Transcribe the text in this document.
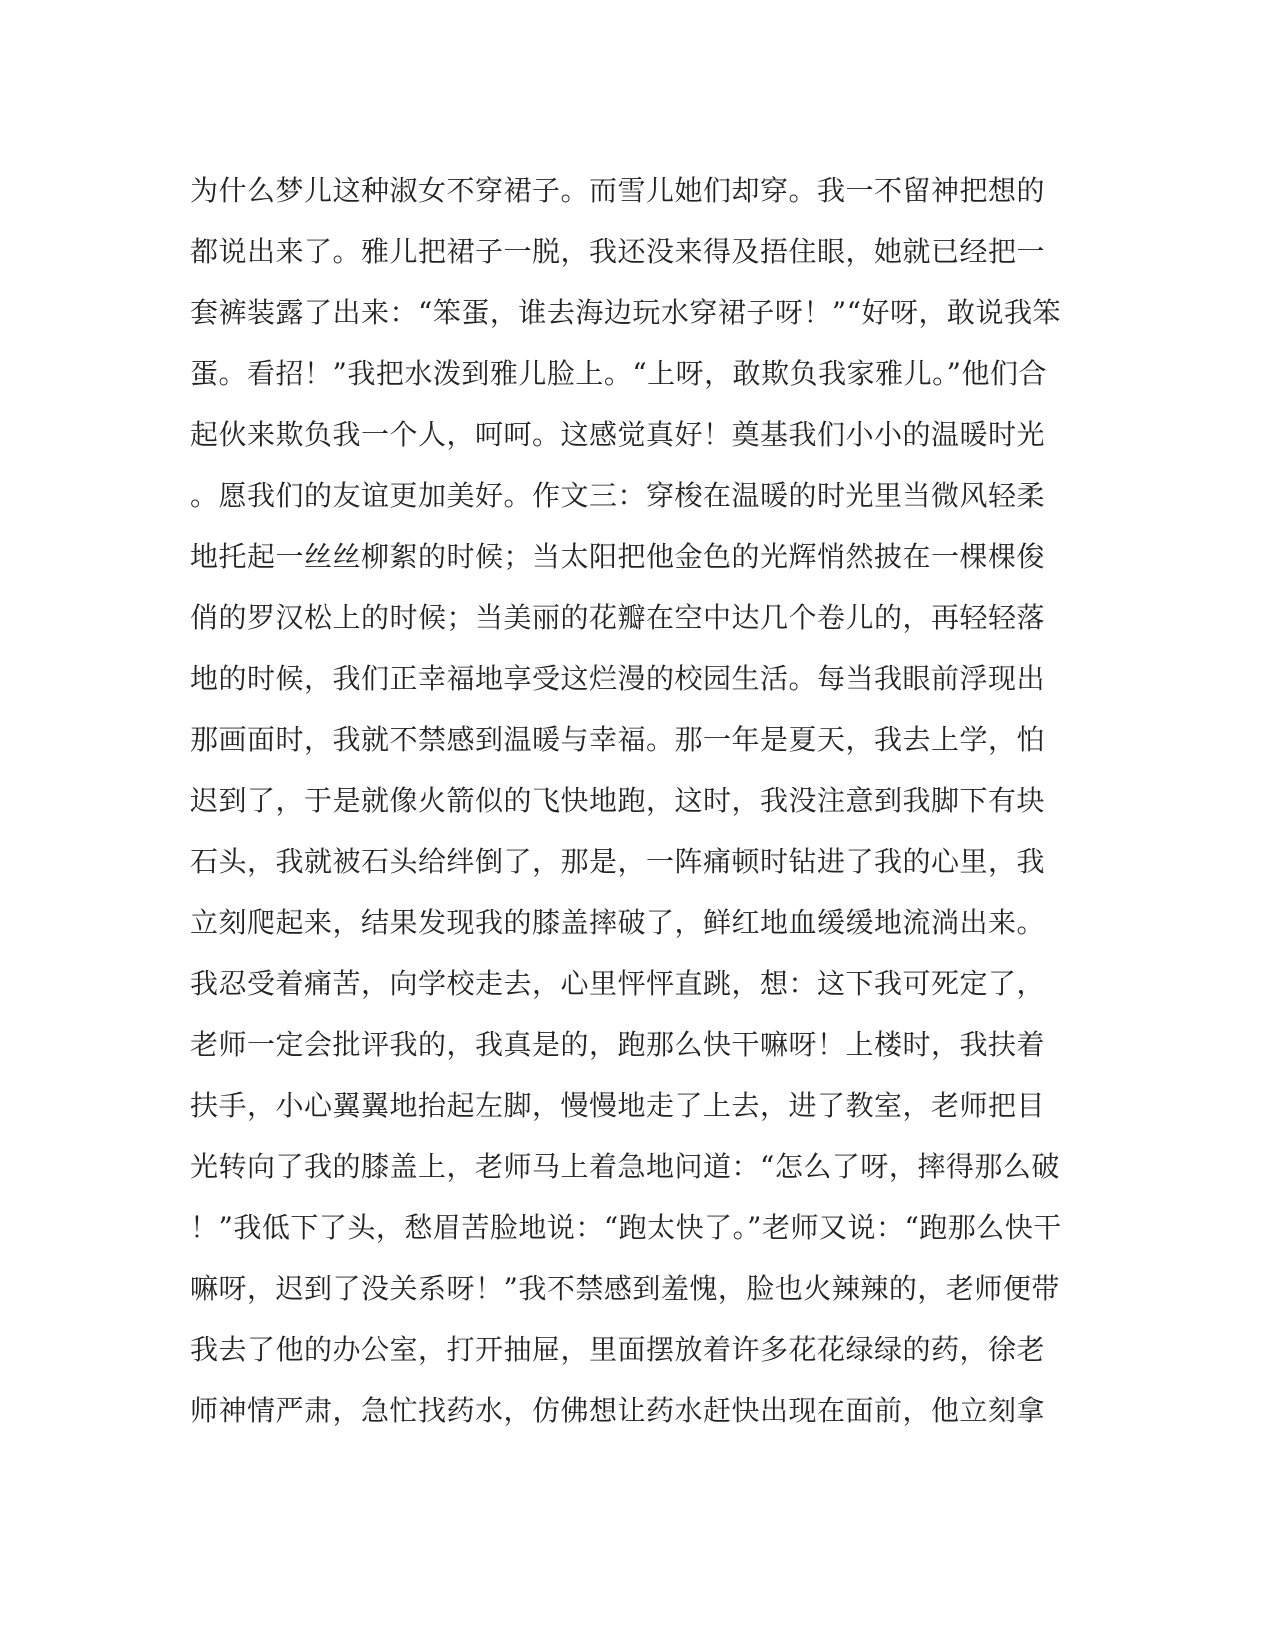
为什么梦儿这种淑女不穿裙子。而雪儿她们却穿。我一不留神把想的
都说出来了。雅儿把裙子一脱，我还没来得及捂住眼，她就已经把一
套裤装露了出来：“笨蛋，谁去海边玩水穿裙子呀！”“好呀，敢说我笨
蛋。看招！”我把水泼到雅儿脸上。“上呀，敢欺负我家雅儿。”他们合
起伙来欺负我一个人，呵呵。这感觉真好！奠基我们小小的温暖时光
。愿我们的友谊更加美好。作文三：穿梭在温暖的时光里当微风轻柔
地托起一丝丝柳絮的时候；当太阳把他金色的光辉悄然披在一棵棵俊
俏的罗汉松上的时候；当美丽的花瓣在空中达几个卷儿的，再轻轻落
地的时候，我们正幸福地享受这烂漫的校园生活。每当我眼前浮现出
那画面时，我就不禁感到温暖与幸福。那一年是夏天，我去上学，怕
迟到了，于是就像火箭似的飞快地跑，这时，我没注意到我脚下有块
石头，我就被石头给绊倒了，那是，一阵痛顿时钻进了我的心里，我
立刻爬起来，结果发现我的膝盖摔破了，鲜红地血缓缓地流淌出来。
我忍受着痛苦，向学校走去，心里怦怦直跳，想：这下我可死定了，
老师一定会批评我的，我真是的，跑那么快干嘛呀！上楼时，我扶着
扶手，小心翼翼地抬起左脚，慢慢地走了上去，进了教室，老师把目
光转向了我的膝盖上，老师马上着急地问道：“怎么了呀，摔得那么破
！”我低下了头，愁眉苦脸地说：“跑太快了。”老师又说：“跑那么快干
嘛呀，迟到了没关系呀！”我不禁感到羞愧，脸也火辣辣的，老师便带
我去了他的办公室，打开抽屉，里面摆放着许多花花绿绿的药，徐老
师神情严肃，急忙找药水，仿佛想让药水赶快出现在面前，他立刻拿
